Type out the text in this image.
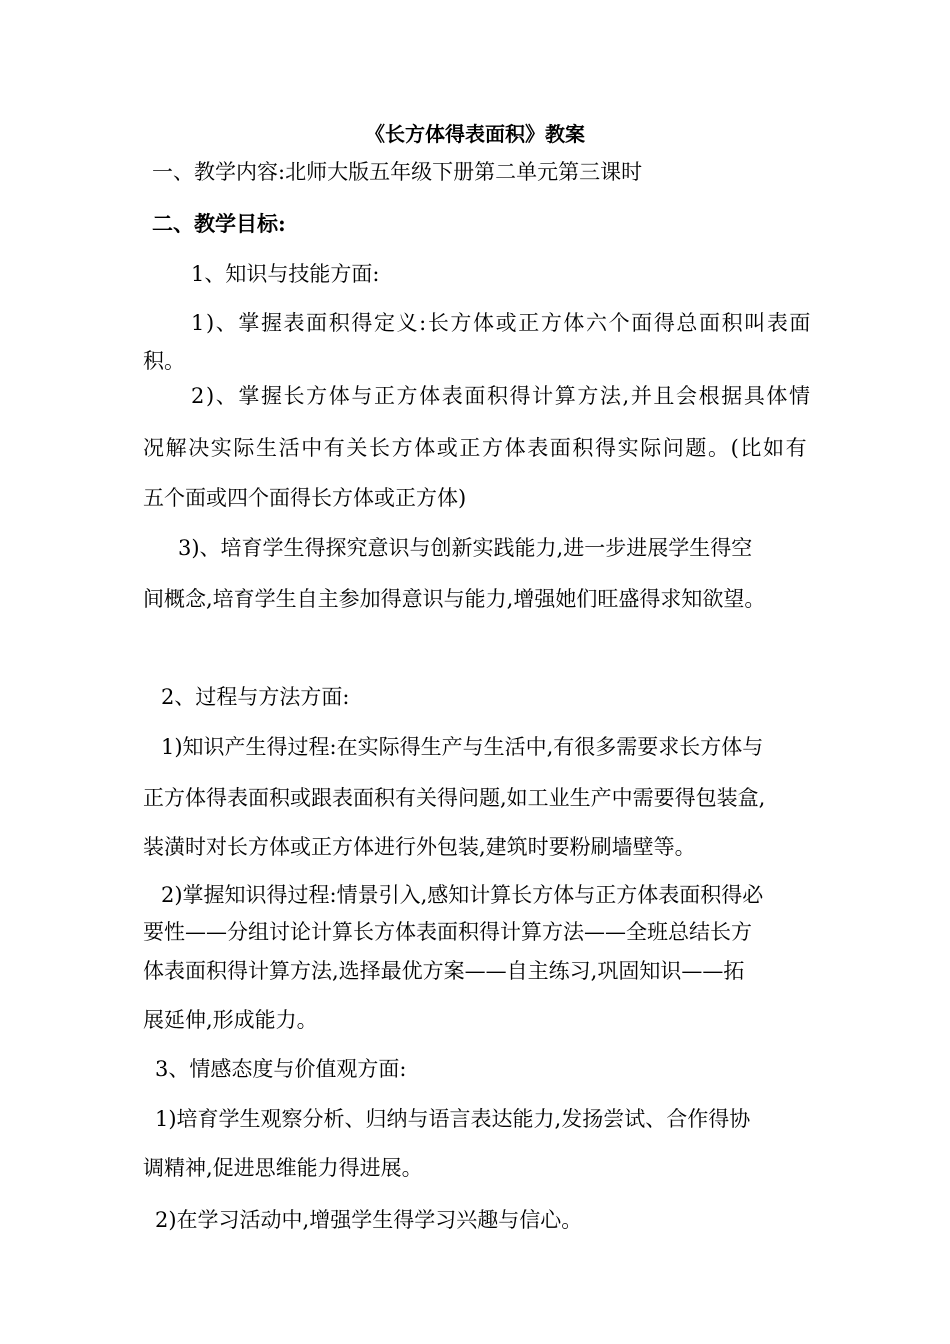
《长方体得表面积》教案
一、教学内容:北师大版五年级下册第二单元第三课时
二、教学目标:
1、知识与技能方面:
1)、掌握表面积得定义:长方体或正方体六个面得总面积叫表面
积。
2)、掌握长方体与正方体表面积得计算方法,并且会根据具体情
况解决实际生活中有关长方体或正方体表面积得实际问题。(比如有
五个面或四个面得长方体或正方体)
3)、培育学生得探究意识与创新实践能力,进一步进展学生得空
间概念,培育学生自主参加得意识与能力,增强她们旺盛得求知欲望。
2、过程与方法方面:
1)知识产生得过程:在实际得生产与生活中,有很多需要求长方体与
正方体得表面积或跟表面积有关得问题,如工业生产中需要得包装盒,
装潢时对长方体或正方体进行外包装,建筑时要粉刷墙壁等。
2)掌握知识得过程:情景引入,感知计算长方体与正方体表面积得必
要性——分组讨论计算长方体表面积得计算方法——全班总结长方
体表面积得计算方法,选择最优方案——自主练习,巩固知识——拓
展延伸,形成能力。
3、情感态度与价值观方面:
1)培育学生观察分析、归纳与语言表达能力,发扬尝试、合作得协
调精神,促进思维能力得进展。
2)在学习活动中,增强学生得学习兴趣与信心。
